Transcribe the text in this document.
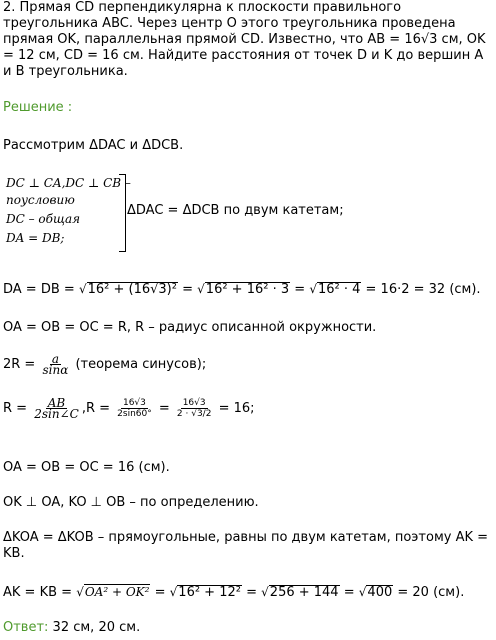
2. Прямая CD перпендикулярна к плоскости правильного треугольника ABC. Через центр O этого треугольника проведена прямая OK, параллельная прямой CD. Известно, что AB = 16√3 см, OK = 12 см, CD = 16 см. Найдите расстояния от точек D и K до вершин A и B треугольника.
Решение :
Рассмотрим ΔDAC и ΔDCB.
DC ⊥ CA,DC ⊥ CB –
поусловию
DC – общая
DA = DB;
ΔDAC = ΔDCB по двум катетам;
DA = DB = √16² + (16√3)² = √16² + 16² · 3 = √16² · 4 = 16·2 = 32 (см).
OA = OB = OC = R, R – радиус описанной окружности.
$2R = \frac{a}{\sin\alpha}$ (теорема синусов);
$R = \frac{AB}{2\sin\angle C} ,R = \frac{16√3}{2\sin 60^\circ} = \frac{16√3}{2 \cdot √3/2} = 16$;
OA = OB = OC = 16 (см).
OK ⊥ OA, KO ⊥ OB – по определению.
ΔKOA = ΔKOB – прямоугольные, равны по двум катетам, поэтому AK = KB.
AK = KB = √OA² + OK² = √16² + 12² = √256 + 144 = √400 = 20 (см).
Ответ: 32 см, 20 см.
